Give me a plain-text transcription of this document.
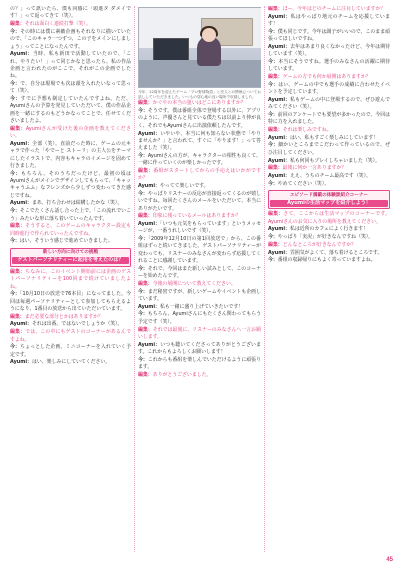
の？」って訊いたら、僕も同感に「頭進タ ダメイです！」って返ってきて（笑）。

編集：それは面白く連続打撃（笑）。

今：その時には僕に素敵企画もそれなりに描いていたので、「このキャラ一つずつ、この子をメインにしましょう」ってことになったんです。

Ayumi：当時、私も新田で活動していたので、「これ、やりたい！」って同じかなと思ったら、私の作品企画と言われたのがここで、それがこの企画でしたね。

今：で、自分は現場でも次は頭を入れたいなって思って（笑）。

今：すでに予想も制定していたんですよね。ただ、Ayumiさんの予算を発見していただいて、僕の作品企画を一緒にするのもどうかなってことで、任せてくださいましたよ。

編集：Ayumiさんが受けた後の企画を教えてください。

Ayumi：全部（笑）。直前だった時に、ゲームの元キャラで作った「やでーと ストーリ」の主人公をテーマにしたイラストで、内容もキャラのイメージを固めて行きました。

今：もちろん、そのうちだったけど、最初の頃はAyumiさんがメインでデザインしてもらって、「キャッキャうふふ」なフレンズから少しずつ変わってきた感じですね。

Ayumi：まあ、打ち合わせは結構したかな（笑）。

今：そこでたくさん話し合った上で、「この流れでいこう」みたいな形に落ち着いていったんです。

編集：そうすると、このゲームのキャラクター設定も同時進行で作られていったんですね。

今：はい、そういう感じで進めていきました。

新しい方向に向けての挑戦
ゲストパーソナリティーに起用を考えたのは？

編集：ちなみに、このイベント開始前には企画のゲストパーソナリティーを100回まで続けていましたよね。

今：「10月10日の放送で76本目」になってました。今回は毎週パーソナリティーとして参加してもらえるようになり、1番目の放送から出ていただいています。

編集：まだ必要な部分とかはありますか？

Ayumi：それは出番、ではないでしょうか（笑）。

編集：では、この中にもゲストのコーナーがあるんですよね。

今：ちょっとした企画、ミニコーナーを入れていく予定です。

Ayumi：はい、楽しみにしていてください。

今年、12周年を迎えたゲーム「プロ野球物語」と恋人との関係についてお話ししていただきました。いつもの居心地の良い場所で収録しました。

編集：かぐやの本当の狙いはどこにありますか？

今：そうです。僕は番組全体で登場する以外に、アプリのように、声優さんと見ている僕たちは以前より仲が良く、それでもAyumiさんに出演依頼したんです。

Ayumi：いやいや、本当に何も知らない状態で「やりませんか？」と言われて、すぐに「やります！」って答えました（笑）。

今：Ayumiさんの方が、キャラクターの相性も良くて、一緒に作っていくのが楽しかったです。

編集：番組がスタートしてからの手応えはいかがですか？

Ayumi：やってて楽しいです。

今：やっぱりリスナーの反応が直接返ってくるのが嬉しいですね。毎回たくさんのメールをいただいて、本当にありがたいです。

編集：印象に残っているメールはありますか？

Ayumi：「いつも元気をもらっています」というメッセージが、一番うれしいです（笑）。

今：「2009年12月10日の第1回放送で」から、この番組はずっと続いてきました。ゲストパーソナリティーが変わっても、リスナーのみなさんが変わらず応援してくれることに感謝しています。

今：それで、今回はまた新しい試みとして、このコーナーを始めたんです。

編集：今後の展開について教えてください。

今：まだ秘密ですが、新しいゲームやイベントも企画しています。

Ayumi：私も一緒に盛り上げていきたいです！

今：もちろん、Ayumiさんにもたくさん関わってもらう予定です（笑）。

編集：それでは最後に、リスナーのみなさんへ一言お願いします。

Ayumi：いつも聴いてくださってありがとうございます。これからもよろしくお願いします！

今：これからも番組を楽しんでいただけるように頑張ります。

編集：ありがとうございました。

編集：ほー、今年はどのチームに注目していますか？

Ayumi：私はやっぱり地元のチームを応援しています！

今：僕も同じです。今年は調子がいいので、このまま頑張ってほしいですね。

Ayumi：去年はあまり良くなかったけど、今年は期待しています（笑）。

今：本当にそうですね。選手のみなさんの活躍に期待しています。

編集：ゲームの方でも何か展開はありますか？

今：はい、ゲームの中でも選手の成績に合わせたイベントを予定しています。

Ayumi：私もゲームの中に登場するので、ぜひ遊んでみてください（笑）。

今：前回のアンケートでも要望が多かったので、今回は特に力を入れました。

編集：それは楽しみですね。

Ayumi：はい、私もすごく楽しみにしています！

今：細かいところまでこだわって作っているので、ぜひ注目してください。

Ayumi：私も何回もプレイしちゃいました（笑）。

編集：最後に何か一言ありますか？

Ayumi：ええ、うちのチーム最高です（笑）。

今：やめてください（笑）。

エピソード満載の体験談紹介コーナー
Ayumiの生活マップを紹介しよう！

編集：さて、ここからは生活マップのコーナーです。Ayumiさんのお気に入りの場所を教えてください。

Ayumi：私は近所のカフェによく行きます！

今：やっぱり「実況」が好きなんですね（笑）。

編集：どんなところが好きなんですか？

Ayumi：雰囲気がよくて、落ち着けるところです。

今：番組の収録帰りにもよく寄っていますよね。

45
